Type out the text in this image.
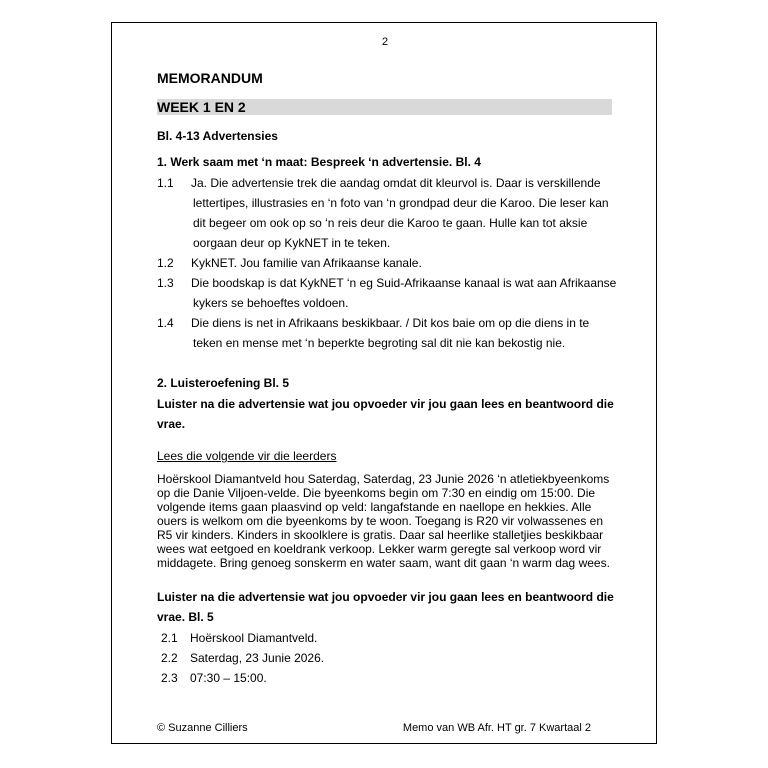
2
MEMORANDUM
WEEK 1 EN 2
Bl. 4-13 Advertensies
1. Werk saam met ‘n maat: Bespreek ‘n advertensie. Bl. 4
1.1 Ja. Die advertensie trek die aandag omdat dit kleurvol is. Daar is verskillende
lettertipes, illustrasies en ‘n foto van ‘n grondpad deur die Karoo. Die leser kan
dit begeer om ook op so ‘n reis deur die Karoo te gaan. Hulle kan tot aksie
oorgaan deur op KykNET in te teken.
1.2 KykNET. Jou familie van Afrikaanse kanale.
1.3 Die boodskap is dat KykNET ‘n eg Suid-Afrikaanse kanaal is wat aan Afrikaanse
kykers se behoeftes voldoen.
1.4 Die diens is net in Afrikaans beskikbaar. / Dit kos baie om op die diens in te
teken en mense met ‘n beperkte begroting sal dit nie kan bekostig nie.
2. Luisteroefening Bl. 5
Luister na die advertensie wat jou opvoeder vir jou gaan lees en beantwoord die
vrae.
Lees die volgende vir die leerders
Hoërskool Diamantveld hou Saterdag, Saterdag, 23 Junie 2026 ‘n atletiekbyeenkoms op die Danie Viljoen-velde. Die byeenkoms begin om 7:30 en eindig om 15:00. Die volgende items gaan plaasvind op veld: langafstande en naellope en hekkies. Alle ouers is welkom om die byeenkoms by te woon. Toegang is R20 vir volwassenes en R5 vir kinders. Kinders in skoolklere is gratis. Daar sal heerlike stalletjies beskikbaar wees wat eetgoed en koeldrank verkoop. Lekker warm geregte sal verkoop word vir middagete. Bring genoeg sonskerm en water saam, want dit gaan ‘n warm dag wees.
Luister na die advertensie wat jou opvoeder vir jou gaan lees en beantwoord die
vrae. Bl. 5
2.1 Hoërskool Diamantveld.
2.2 Saterdag, 23 Junie 2026.
2.3 07:30 – 15:00.
© Suzanne Cilliers	Memo van WB Afr. HT gr. 7 Kwartaal 2
